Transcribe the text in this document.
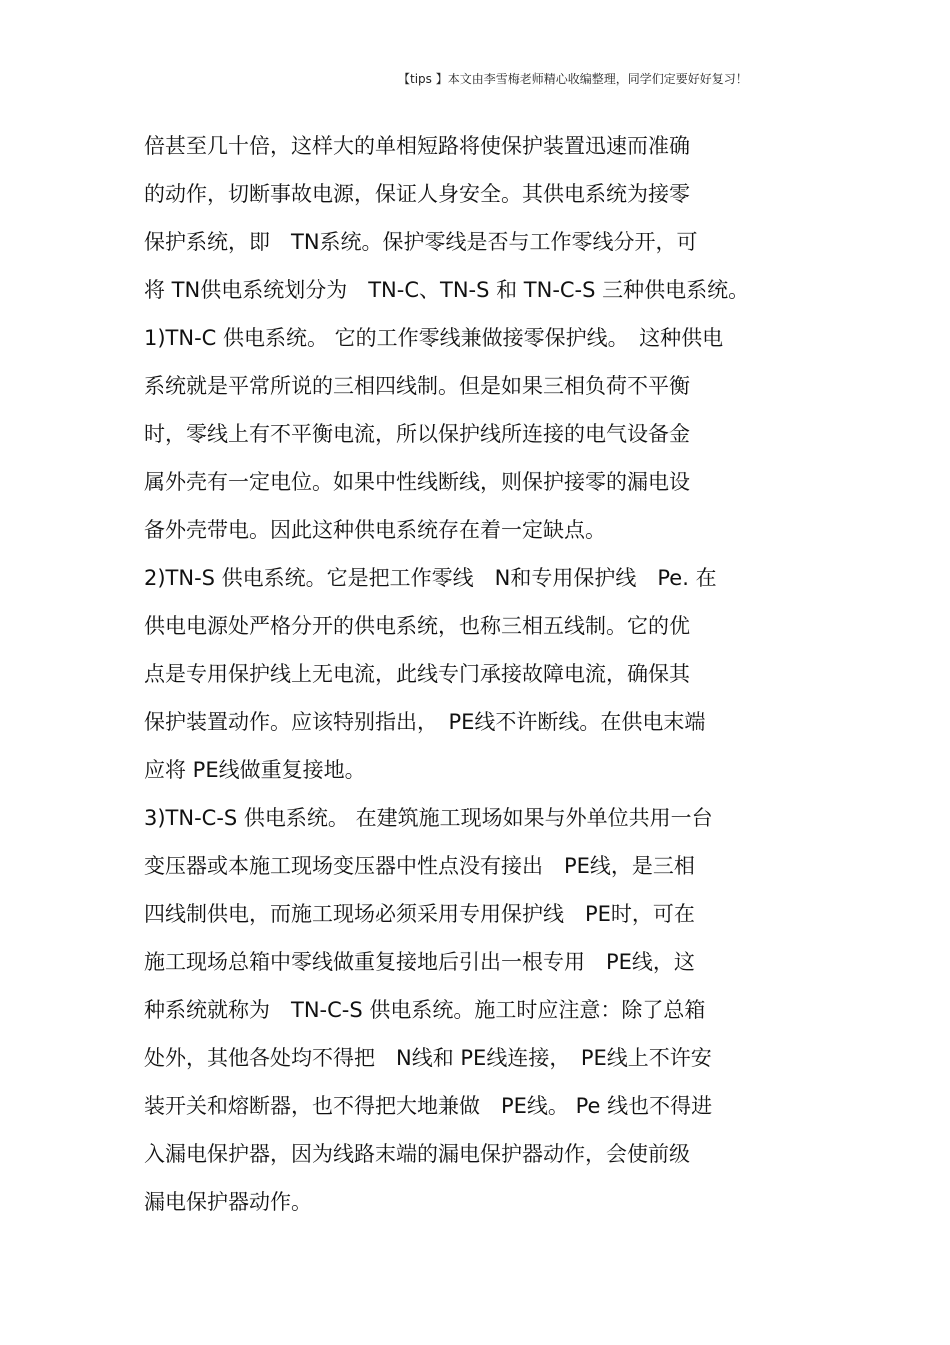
【tips 】本文由李雪梅老师精心收编整理，同学们定要好好复习！
倍甚至几十倍，这样大的单相短路将使保护装置迅速而准确
的动作，切断事故电源，保证人身安全。其供电系统为接零
保护系统，即　TN系统。保护零线是否与工作零线分开，可
将 TN供电系统划分为　TN-C、TN-S 和 TN-C-S 三种供电系统。
1)TN-C 供电系统。 它的工作零线兼做接零保护线。　这种供电
系统就是平常所说的三相四线制。但是如果三相负荷不平衡
时，零线上有不平衡电流，所以保护线所连接的电气设备金
属外壳有一定电位。如果中性线断线，则保护接零的漏电设
备外壳带电。因此这种供电系统存在着一定缺点。
2)TN-S 供电系统。它是把工作零线　N和专用保护线　Pe. 在
供电电源处严格分开的供电系统，也称三相五线制。它的优
点是专用保护线上无电流，此线专门承接故障电流，确保其
保护装置动作。应该特别指出，　PE线不许断线。在供电末端
应将 PE线做重复接地。
3)TN-C-S 供电系统。 在建筑施工现场如果与外单位共用一台
变压器或本施工现场变压器中性点没有接出　PE线，是三相
四线制供电，而施工现场必须采用专用保护线　PE时，可在
施工现场总箱中零线做重复接地后引出一根专用　PE线，这
种系统就称为　TN-C-S 供电系统。施工时应注意：除了总箱
处外，其他各处均不得把　N线和 PE线连接，　PE线上不许安
装开关和熔断器，也不得把大地兼做　PE线。 Pe 线也不得进
入漏电保护器，因为线路末端的漏电保护器动作，会使前级
漏电保护器动作。
